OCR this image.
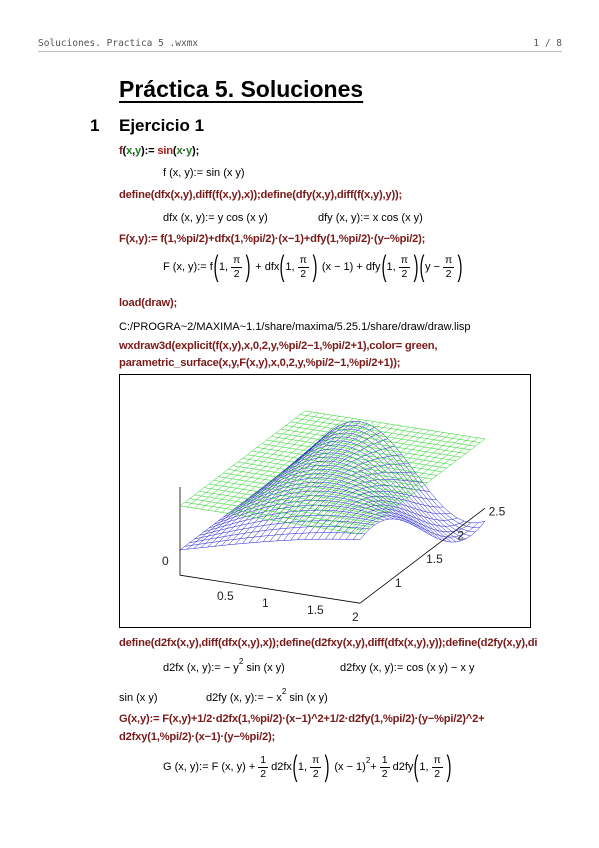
Soluciones. Practica 5 .wxmx	1 / 8
Práctica 5. Soluciones
1 Ejercicio 1
f(x,y):= sin(x·y);
f (x, y):= sin (x y)
define(dfx(x,y),diff(f(x,y),x));define(dfy(x,y),diff(f(x,y),y));
dfx (x, y):= y cos (x y)	dfy (x, y):= x cos (x y)
F(x,y):= f(1,%pi/2)+dfx(1,%pi/2)·(x−1)+dfy(1,%pi/2)·(y−%pi/2);
F (x, y):= f ( 1, $\frac{\pi}{2}$ ) + dfx ( 1, $\frac{\pi}{2}$ ) (x − 1) + dfy ( 1, $\frac{\pi}{2}$ ) ( $y - \frac{\pi}{2}$ )
load(draw);
C:/PROGRA~2/MAXIMA~1.1/share/maxima/5.25.1/share/draw/draw.lisp
wxdraw3d(explicit(f(x,y),x,0,2,y,%pi/2−1,%pi/2+1),color= green,
parametric_surface(x,y,F(x,y),x,0,2,y,%pi/2−1,%pi/2+1));
0
0.5 1	1.5 2
1
1.5
2
2.5
define(d2fx(x,y),diff(dfx(x,y),x));define(d2fxy(x,y),diff(dfx(x,y),y));define(d2fy(x,y),di
d2fx (x, y):= − $y^2$ sin (x y)	d2fxy (x, y):= cos (x y) − x y
sin (x y)	d2fy (x, y):= − $x^2$ sin (x y)
G(x,y):= F(x,y)+1/2·d2fx(1,%pi/2)·(x−1)^2+1/2·d2fy(1,%pi/2)·(y−%pi/2)^2+
d2fxy(1,%pi/2)·(x−1)·(y−%pi/2);
G (x, y):= F (x, $y) + \frac{1}{2} d2fx$ ( 1, $\frac{\pi}{2}$ ) (x − 1)
$^2$
+ $\frac{1}{2} d2fy$ ( 1, $\frac{\pi}{2}$ )
